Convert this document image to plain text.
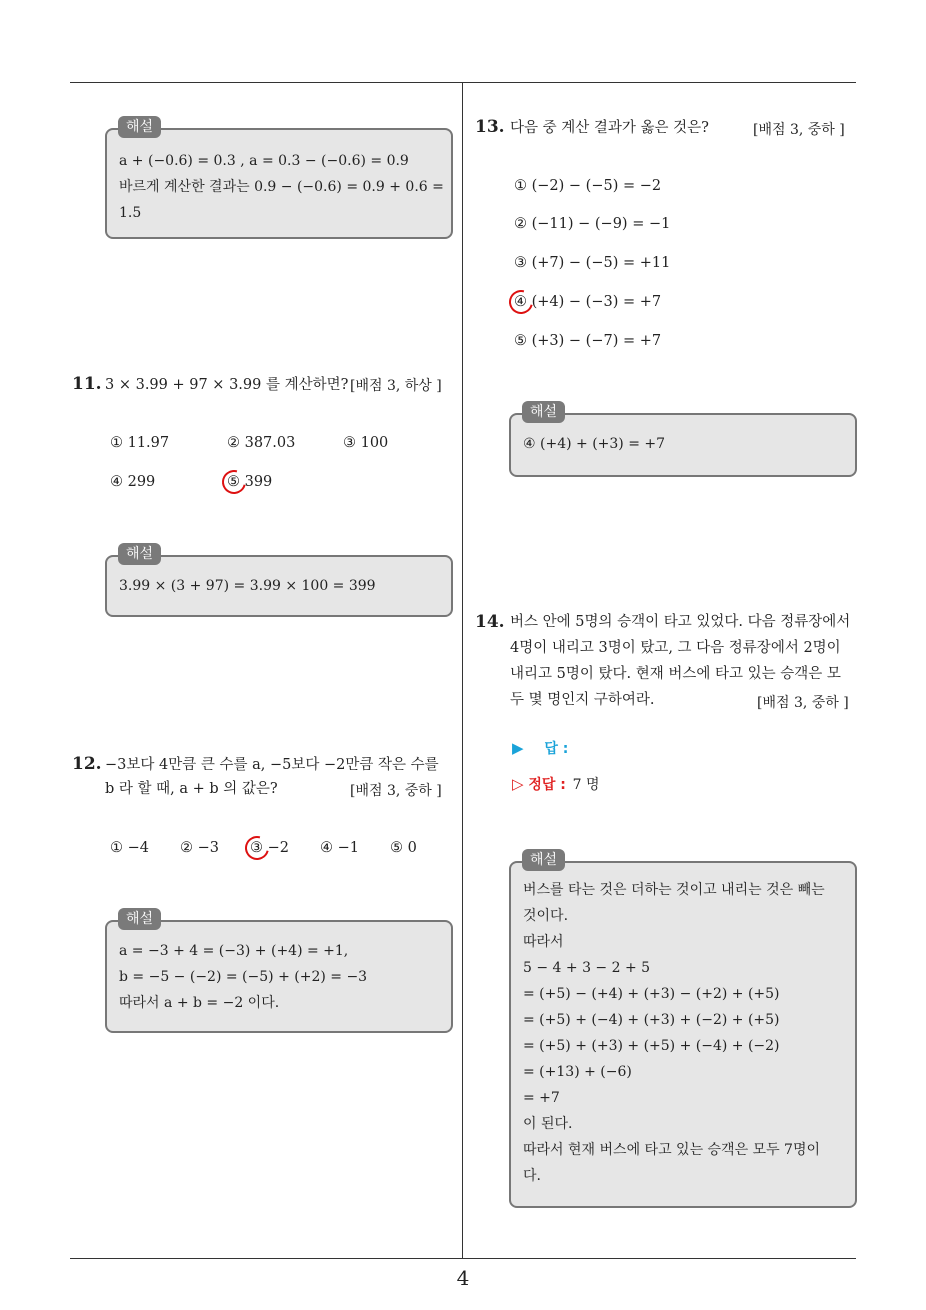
a + (−0.6) = 0.3 , a = 0.3 − (−0.6) = 0.9
바르게 계산한 결과는 0.9 − (−0.6) = 0.9 + 0.6 =
1.5
해설
11. 3 × 3.99 + 97 × 3.99 를 계산하면? [배점 3, 하상 ]
① 11.97	② 387.03	③ 100
④ 299	⑤ 399
3.99 × (3 + 97) = 3.99 × 100 = 399
해설
12. −3보다 4만큼 큰 수를 a, −5보다 −2만큼 작은 수를
b 라 할 때, a + b 의 값은?	[배점 3, 중하 ]
① −4 ② −3 ③ −2 ④ −1 ⑤ 0
a = −3 + 4 = (−3) + (+4) = +1,
b = −5 − (−2) = (−5) + (+2) = −3
따라서 a + b = −2 이다.
해설
13. 다음 중 계산 결과가 옳은 것은?	[배점 3, 중하 ]
① (−2) − (−5) = −2
② (−11) − (−9) = −1
③ (+7) − (−5) = +11
④ (+4) − (−3) = +7
⑤ (+3) − (−7) = +7
④ (+4) + (+3) = +7
해설
14. 버스 안에 5명의 승객이 타고 있었다. 다음 정류장에서
4명이 내리고 3명이 탔고, 그 다음 정류장에서 2명이
내리고 5명이 탔다. 현재 버스에 타고 있는 승객은 모
두 몇 명인지 구하여라.	[배점 3, 중하 ]
▶ 답 :
▷ 정답 : 7 명
버스를 타는 것은 더하는 것이고 내리는 것은 빼는
것이다.
따라서
5 − 4 + 3 − 2 + 5
= (+5) − (+4) + (+3) − (+2) + (+5)
= (+5) + (−4) + (+3) + (−2) + (+5)
= (+5) + (+3) + (+5) + (−4) + (−2)
= (+13) + (−6)
= +7
이 된다.
따라서 현재 버스에 타고 있는 승객은 모두 7명이
다.
해설
4
